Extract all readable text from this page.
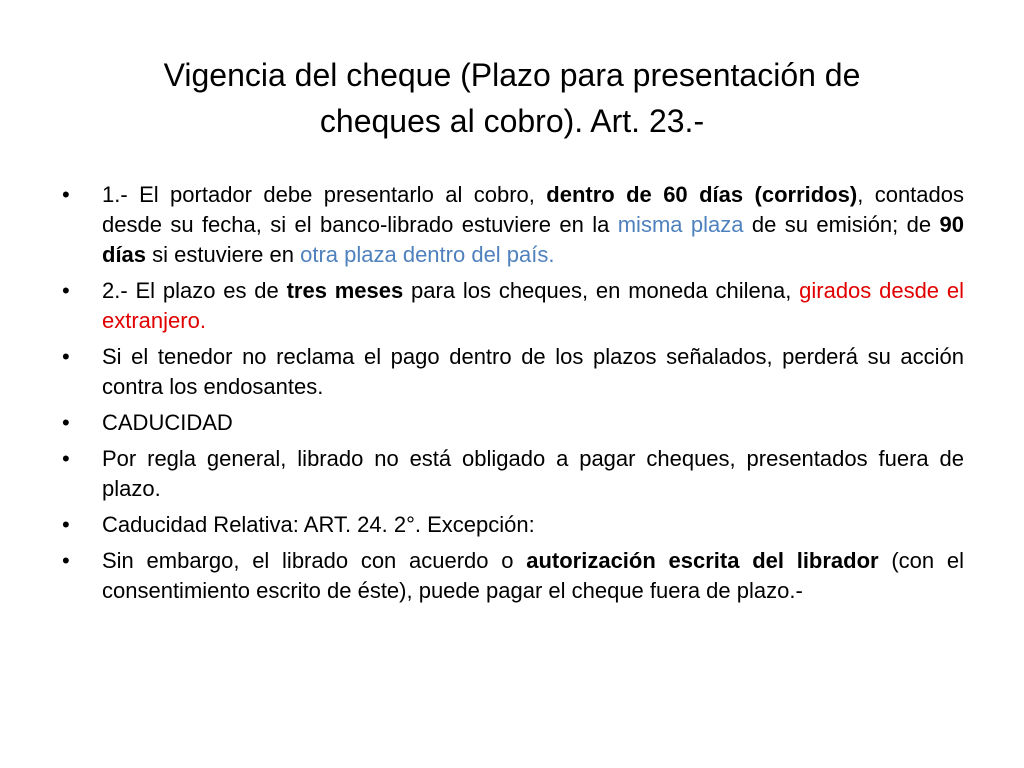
Vigencia del cheque (Plazo para presentación de
cheques al cobro). Art. 23.-
•	1.- El portador debe presentarlo al cobro, dentro de 60 días (corridos), contados desde su fecha, si el banco-librado estuviere en la misma plaza de su emisión; de 90 días si estuviere en otra plaza dentro del país.
•	2.- El plazo es de tres meses para los cheques, en moneda chilena, girados desde el extranjero.
•	Si el tenedor no reclama el pago dentro de los plazos señalados, perderá su acción contra los endosantes.
•	CADUCIDAD
•	Por regla general, librado no está obligado a pagar cheques, presentados fuera de plazo.
•	Caducidad Relativa: ART. 24. 2°. Excepción:
•	Sin embargo, el librado con acuerdo o autorización escrita del librador (con el consentimiento escrito de éste), puede pagar el cheque fuera de plazo.-
